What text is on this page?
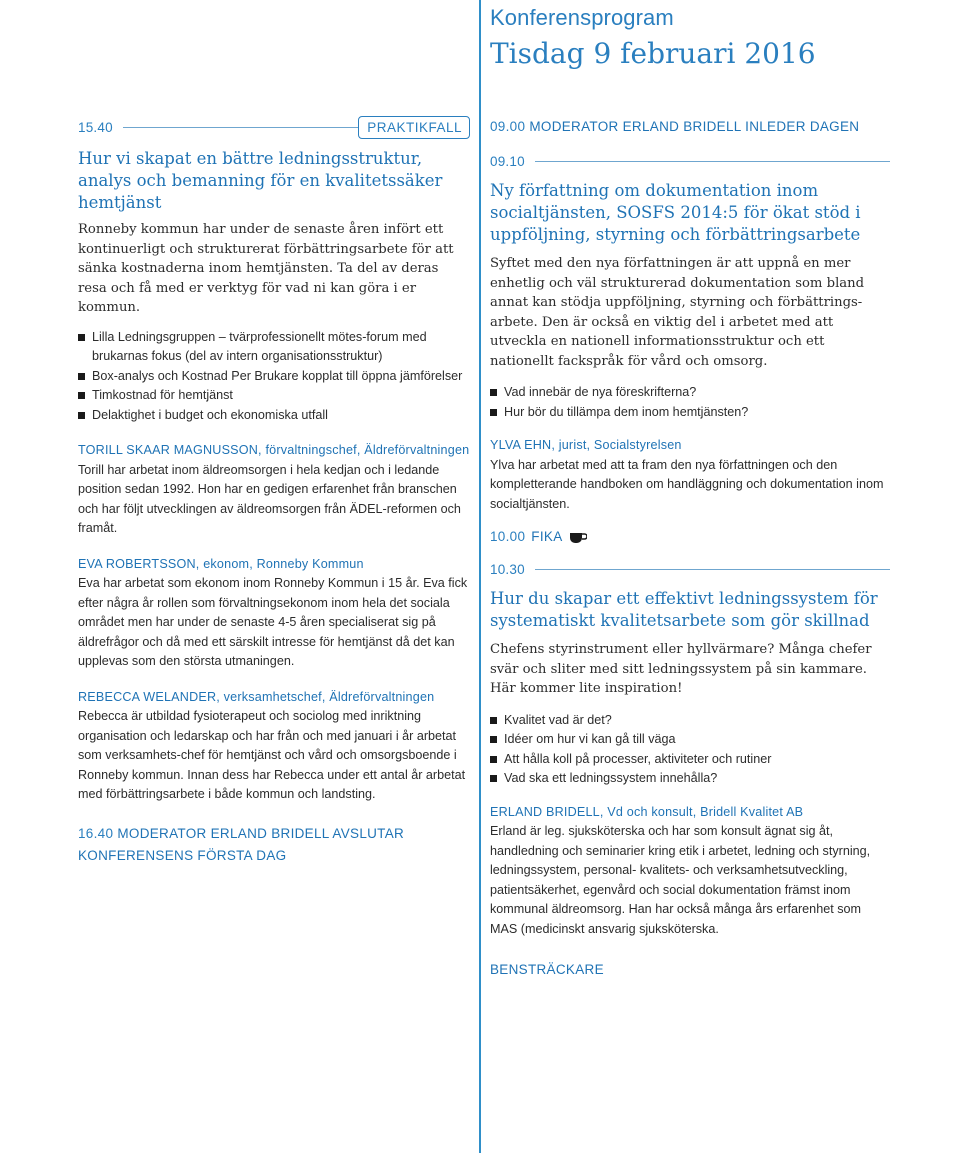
Konferensprogram
Tisdag 9 februari 2016
15.40	PRAKTIKFALL
Hur vi skapat en bättre ledningsstruktur, analys och bemanning för en kvalitetssäker hemtjänst
Ronneby kommun har under de senaste åren infört ett kontinuerligt och strukturerat förbättringsarbete för att sänka kostnaderna inom hemtjänsten. Ta del av deras resa och få med er verktyg för vad ni kan göra i er kommun.
Lilla Ledningsgruppen – tvärprofessionellt mötes-forum med brukarnas fokus (del av intern organisationsstruktur)
Box-analys och Kostnad Per Brukare kopplat till öppna jämförelser
Timkostnad för hemtjänst
Delaktighet i budget och ekonomiska utfall
TORILL SKAAR MAGNUSSON, förvaltningschef, Äldreförvaltningen
Torill har arbetat inom äldreomsorgen i hela kedjan och i ledande position sedan 1992. Hon har en gedigen erfarenhet från branschen och har följt utvecklingen av äldreomsorgen från ÄDEL-reformen och framåt.
EVA ROBERTSSON, ekonom, Ronneby Kommun
Eva har arbetat som ekonom inom Ronneby Kommun i 15 år. Eva fick efter några år rollen som förvaltningsekonom inom hela det sociala området men har under de senaste 4-5 åren specialiserat sig på äldrefrågor och då med ett särskilt intresse för hemtjänst då det kan upplevas som den största utmaningen.
REBECCA WELANDER, verksamhetschef, Äldreförvaltningen
Rebecca är utbildad fysioterapeut och sociolog med inriktning organisation och ledarskap och har från och med januari i år arbetat som verksamhets-chef för hemtjänst och vård och omsorgsboende i Ronneby kommun. Innan dess har Rebecca under ett antal år arbetat med förbättringsarbete i både kommun och landsting.
16.40 MODERATOR ERLAND BRIDELL AVSLUTAR KONFERENSENS FÖRSTA DAG
09.00 MODERATOR ERLAND BRIDELL INLEDER DAGEN
09.10
Ny författning om dokumentation inom socialtjänsten, SOSFS 2014:5 för ökat stöd i uppföljning, styrning och förbättringsarbete
Syftet med den nya författningen är att uppnå en mer enhetlig och väl strukturerad dokumentation som bland annat kan stödja uppföljning, styrning och förbättrings-arbete. Den är också en viktig del i arbetet med att utveckla en nationell informationsstruktur och ett nationellt fackspråk för vård och omsorg.
Vad innebär de nya föreskrifterna?
Hur bör du tillämpa dem inom hemtjänsten?
YLVA EHN, jurist, Socialstyrelsen
Ylva har arbetat med att ta fram den nya författningen och den kompletterande handboken om handläggning och dokumentation inom socialtjänsten.
10.00 FIKA
10.30
Hur du skapar ett effektivt ledningssystem för systematiskt kvalitetsarbete som gör skillnad
Chefens styrinstrument eller hyllvärmare? Många chefer svär och sliter med sitt ledningssystem på sin kammare. Här kommer lite inspiration!
Kvalitet vad är det?
Idéer om hur vi kan gå till väga
Att hålla koll på processer, aktiviteter och rutiner
Vad ska ett ledningssystem innehålla?
ERLAND BRIDELL, Vd och konsult, Bridell Kvalitet AB
Erland är leg. sjuksköterska och har som konsult ägnat sig åt, handledning och seminarier kring etik i arbetet, ledning och styrning, ledningssystem, personal- kvalitets- och verksamhetsutveckling, patientsäkerhet, egenvård och social dokumentation främst inom kommunal äldreomsorg. Han har också många års erfarenhet som MAS (medicinskt ansvarig sjuksköterska.
BENSTRÄCKARE
